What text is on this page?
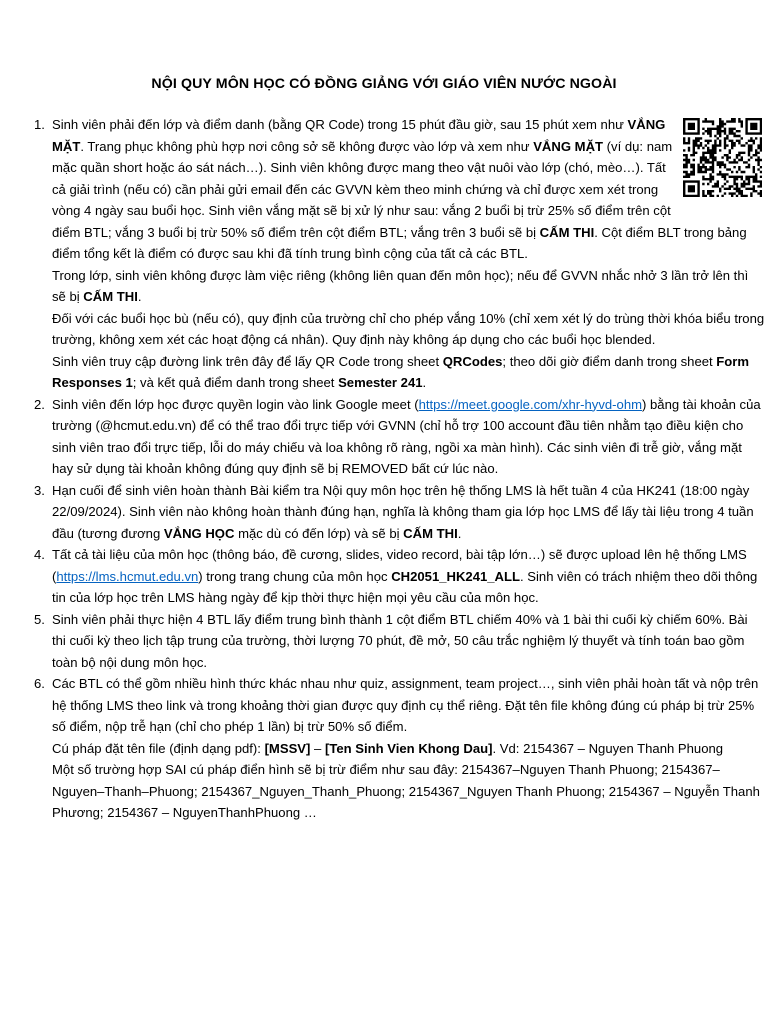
NỘI QUY MÔN HỌC CÓ ĐỒNG GIẢNG VỚI GIÁO VIÊN NƯỚC NGOÀI
1. Sinh viên phải đến lớp và điểm danh (bằng QR Code) trong 15 phút đầu giờ, sau 15 phút xem như VẮNG MẶT. Trang phục không phù hợp nơi công sở sẽ không được vào lớp và xem như VẮNG MẶT (ví dụ: nam mặc quần short hoặc áo sát nách…). Sinh viên không được mang theo vật nuôi vào lớp (chó, mèo…). Tất cả giải trình (nếu có) cần phải gửi email đến các GVVN kèm theo minh chứng và chỉ được xem xét trong vòng 4 ngày sau buổi học. Sinh viên vắng mặt sẽ bị xử lý như sau: vắng 2 buổi bị trừ 25% số điểm trên cột điểm BTL; vắng 3 buổi bị trừ 50% số điểm trên cột điểm BTL; vắng trên 3 buổi sẽ bị CẤM THI. Cột điểm BLT trong bảng điểm tổng kết là điểm có được sau khi đã tính trung bình cộng của tất cả các BTL.

Trong lớp, sinh viên không được làm việc riêng (không liên quan đến môn học); nếu để GVVN nhắc nhở 3 lần trở lên thì sẽ bị CẤM THI.

Đối với các buổi học bù (nếu có), quy định của trường chỉ cho phép vắng 10% (chỉ xem xét lý do trùng thời khóa biểu trong trường, không xem xét các hoạt động cá nhân). Quy định này không áp dụng cho các buổi học blended.

Sinh viên truy cập đường link trên đây để lấy QR Code trong sheet QRCodes; theo dõi giờ điểm danh trong sheet Form Responses 1; và kết quả điểm danh trong sheet Semester 241.

2. Sinh viên đến lớp học được quyền login vào link Google meet (https://meet.google.com/xhr-hyvd-ohm) bằng tài khoản của trường (@hcmut.edu.vn) để có thể trao đổi trực tiếp với GVNN (chỉ hỗ trợ 100 account đầu tiên nhằm tạo điều kiện cho sinh viên trao đổi trực tiếp, lỗi do máy chiếu và loa không rõ ràng, ngồi xa màn hình). Các sinh viên đi trễ giờ, vắng mặt hay sử dụng tài khoản không đúng quy định sẽ bị REMOVED bất cứ lúc nào.

3. Hạn cuối để sinh viên hoàn thành Bài kiểm tra Nội quy môn học trên hệ thống LMS là hết tuần 4 của HK241 (18:00 ngày 22/09/2024). Sinh viên nào không hoàn thành đúng hạn, nghĩa là không tham gia lớp học LMS để lấy tài liệu trong 4 tuần đầu (tương đương VẮNG HỌC mặc dù có đến lớp) và sẽ bị CẤM THI.

4. Tất cả tài liệu của môn học (thông báo, đề cương, slides, video record, bài tập lớn…) sẽ được upload lên hệ thống LMS (https://lms.hcmut.edu.vn) trong trang chung của môn học CH2051_HK241_ALL. Sinh viên có trách nhiệm theo dõi thông tin của lớp học trên LMS hàng ngày để kịp thời thực hiện mọi yêu cầu của môn học.

5. Sinh viên phải thực hiện 4 BTL lấy điểm trung bình thành 1 cột điểm BTL chiếm 40% và 1 bài thi cuối kỳ chiếm 60%. Bài thi cuối kỳ theo lịch tập trung của trường, thời lượng 70 phút, đề mở, 50 câu trắc nghiệm lý thuyết và tính toán bao gồm toàn bộ nội dung môn học.

6. Các BTL có thể gồm nhiều hình thức khác nhau như quiz, assignment, team project…, sinh viên phải hoàn tất và nộp trên hệ thống LMS theo link và trong khoảng thời gian được quy định cụ thể riêng. Đặt tên file không đúng cú pháp bị trừ 25% số điểm, nộp trễ hạn (chỉ cho phép 1 lần) bị trừ 50% số điểm.

Cú pháp đặt tên file (định dạng pdf): [MSSV] – [Ten Sinh Vien Khong Dau]. Vd: 2154367 – Nguyen Thanh Phuong

Một số trường hợp SAI cú pháp điển hình sẽ bị trừ điểm như sau đây: 2154367–Nguyen Thanh Phuong; 2154367–Nguyen–Thanh–Phuong; 2154367_Nguyen_Thanh_Phuong; 2154367_Nguyen Thanh Phuong; 2154367 – Nguyễn Thanh Phương; 2154367 – NguyenThanhPhuong …
